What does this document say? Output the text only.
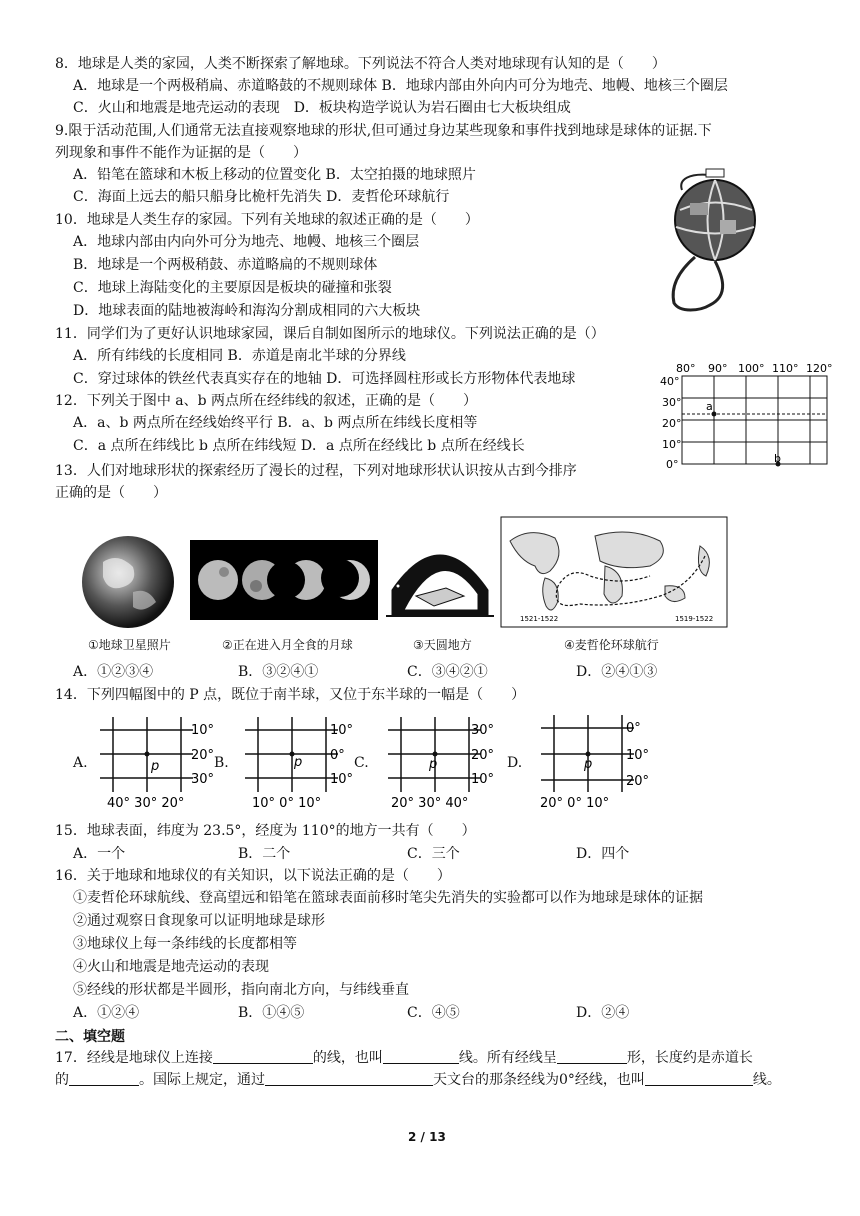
8．地球是人类的家园，人类不断探索了解地球。下列说法不符合人类对地球现有认知的是（　　）
A．地球是一个两极稍扁、赤道略鼓的不规则球体 B．地球内部由外向内可分为地壳、地幔、地核三个圈层
C．火山和地震是地壳运动的表现　D．板块构造学说认为岩石圈由七大板块组成
9.限于活动范围,人们通常无法直接观察地球的形状,但可通过身边某些现象和事件找到地球是球体的证据.下
列现象和事件不能作为证据的是（　　）
A．铅笔在篮球和木板上移动的位置变化 B．太空拍摄的地球照片
C．海面上远去的船只船身比桅杆先消失 D．麦哲伦环球航行
10．地球是人类生存的家园。下列有关地球的叙述正确的是（　　）
A．地球内部由内向外可分为地壳、地幔、地核三个圈层
B．地球是一个两极稍鼓、赤道略扁的不规则球体
C．地球上海陆变化的主要原因是板块的碰撞和张裂
D．地球表面的陆地被海岭和海沟分割成相同的六大板块
11．同学们为了更好认识地球家园，课后自制如图所示的地球仪。下列说法正确的是（）
A．所有纬线的长度相同 B．赤道是南北半球的分界线
C．穿过球体的铁丝代表真实存在的地轴 D．可选择圆柱形或长方形物体代表地球
12．下列关于图中 a、b 两点所在经纬线的叙述，正确的是（　　）
A．a、b 两点所在经线始终平行 B．a、b 两点所在纬线长度相等
C．a 点所在纬线比 b 点所在纬线短 D．a 点所在经线比 b 点所在经线长
80° 90° 100° 110° 120°
40°
30°
20°
10°
0°
a
b
13．人们对地球形状的探索经历了漫长的过程，下列对地球形状认识按从古到今排序
正确的是（　　）
1521-1522	1519-1522
①地球卫星照片	②正在进入月全食的月球	③天圆地方	④麦哲伦环球航行
A．①②③④	B．③②④①	C．③④②①	D．②④①③
14．下列四幅图中的 P 点，既位于南半球，又位于东半球的一幅是（　　）
A.	p
10°
20°
30°
40° 30° 20°
B.	p
10°
0°
10°
10° 0° 10°
C.	p
30°
20°
10°
20° 30° 40°
D.	p
0°
10°
20°
20° 0° 10°
15．地球表面，纬度为 23.5°，经度为 110°的地方一共有（　　）
A．一个	B．二个	C．三个	D．四个
16．关于地球和地球仪的有关知识，以下说法正确的是（　　）
①麦哲伦环球航线、登高望远和铅笔在篮球表面前移时笔尖先消失的实验都可以作为地球是球体的证据
②通过观察日食现象可以证明地球是球形
③地球仪上每一条纬线的长度都相等
④火山和地震是地壳运动的表现
⑤经线的形状都是半圆形，指向南北方向，与纬线垂直
A．①②④	B．①④⑤	C．④⑤	D．②④
二、填空题
17．经线是地球仪上连接	的线，也叫	线。所有经线呈	形，长度约是赤道长
的	。国际上规定，通过	天文台的那条经线为0°经线，也叫	线。
2 / 13
